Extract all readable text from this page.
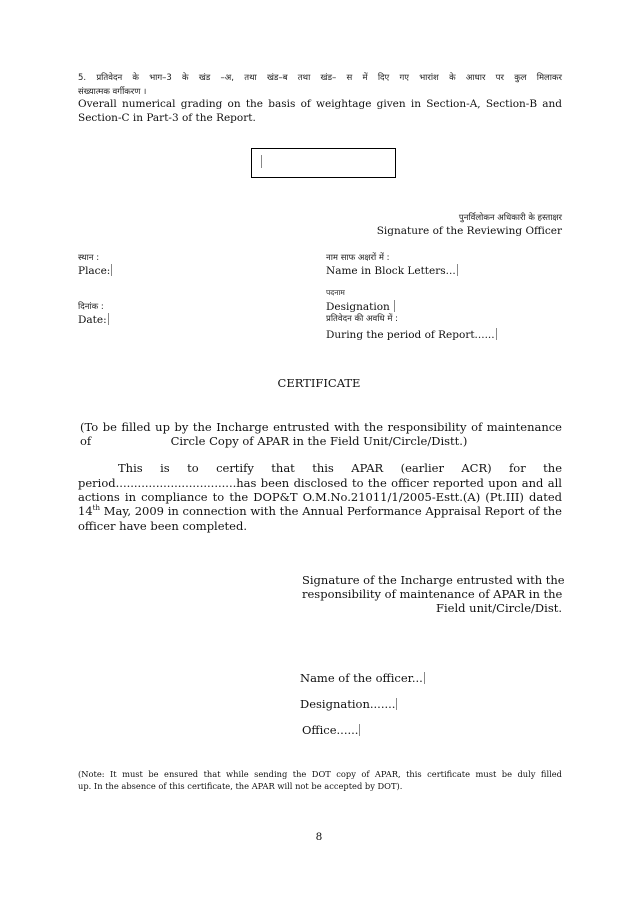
5. प्रतिवेदन के भाग–3 के खंड –अ, तथा खंड–ब तथा खंड– स में दिए गए भारांश के आधार पर कुल मिलाकर
संख्यात्मक वर्गीकरण ।
Overall numerical grading on the basis of weightage given in Section-A, Section-B and
Section-C in Part-3 of the Report.
पुनर्विलोकन अधिकारी के हस्ताक्षर
Signature of the Reviewing Officer
स्थान :
Place:
नाम साफ अक्षरों में :
Name in Block Letters...
पदनाम
Designation
दिनांक :
Date:	प्रतिवेदन की अवधि में :
During the period of Report......
CERTIFICATE
(To be filled up by the Incharge entrusted with the responsibility of maintenance of	Circle Copy of APAR in the Field Unit/Circle/Distt.)
This is to certify that this APAR (earlier ACR) for the
period.................................has been disclosed to the officer reported upon and all
actions in compliance to the DOP&T O.M.No.21011/1/2005-Estt.(A) (Pt.III) dated
14th May, 2009 in connection with the Annual Performance Appraisal Report of the
officer have been completed.
Signature of the Incharge entrusted with the
responsibility of maintenance of APAR in the
Field unit/Circle/Dist.
Name of the officer...
Designation.......
Office......
(Note: It must be ensured that while sending the DOT copy of APAR, this certificate must be duly filled
up. In the absence of this certificate, the APAR will not be accepted by DOT).
8
